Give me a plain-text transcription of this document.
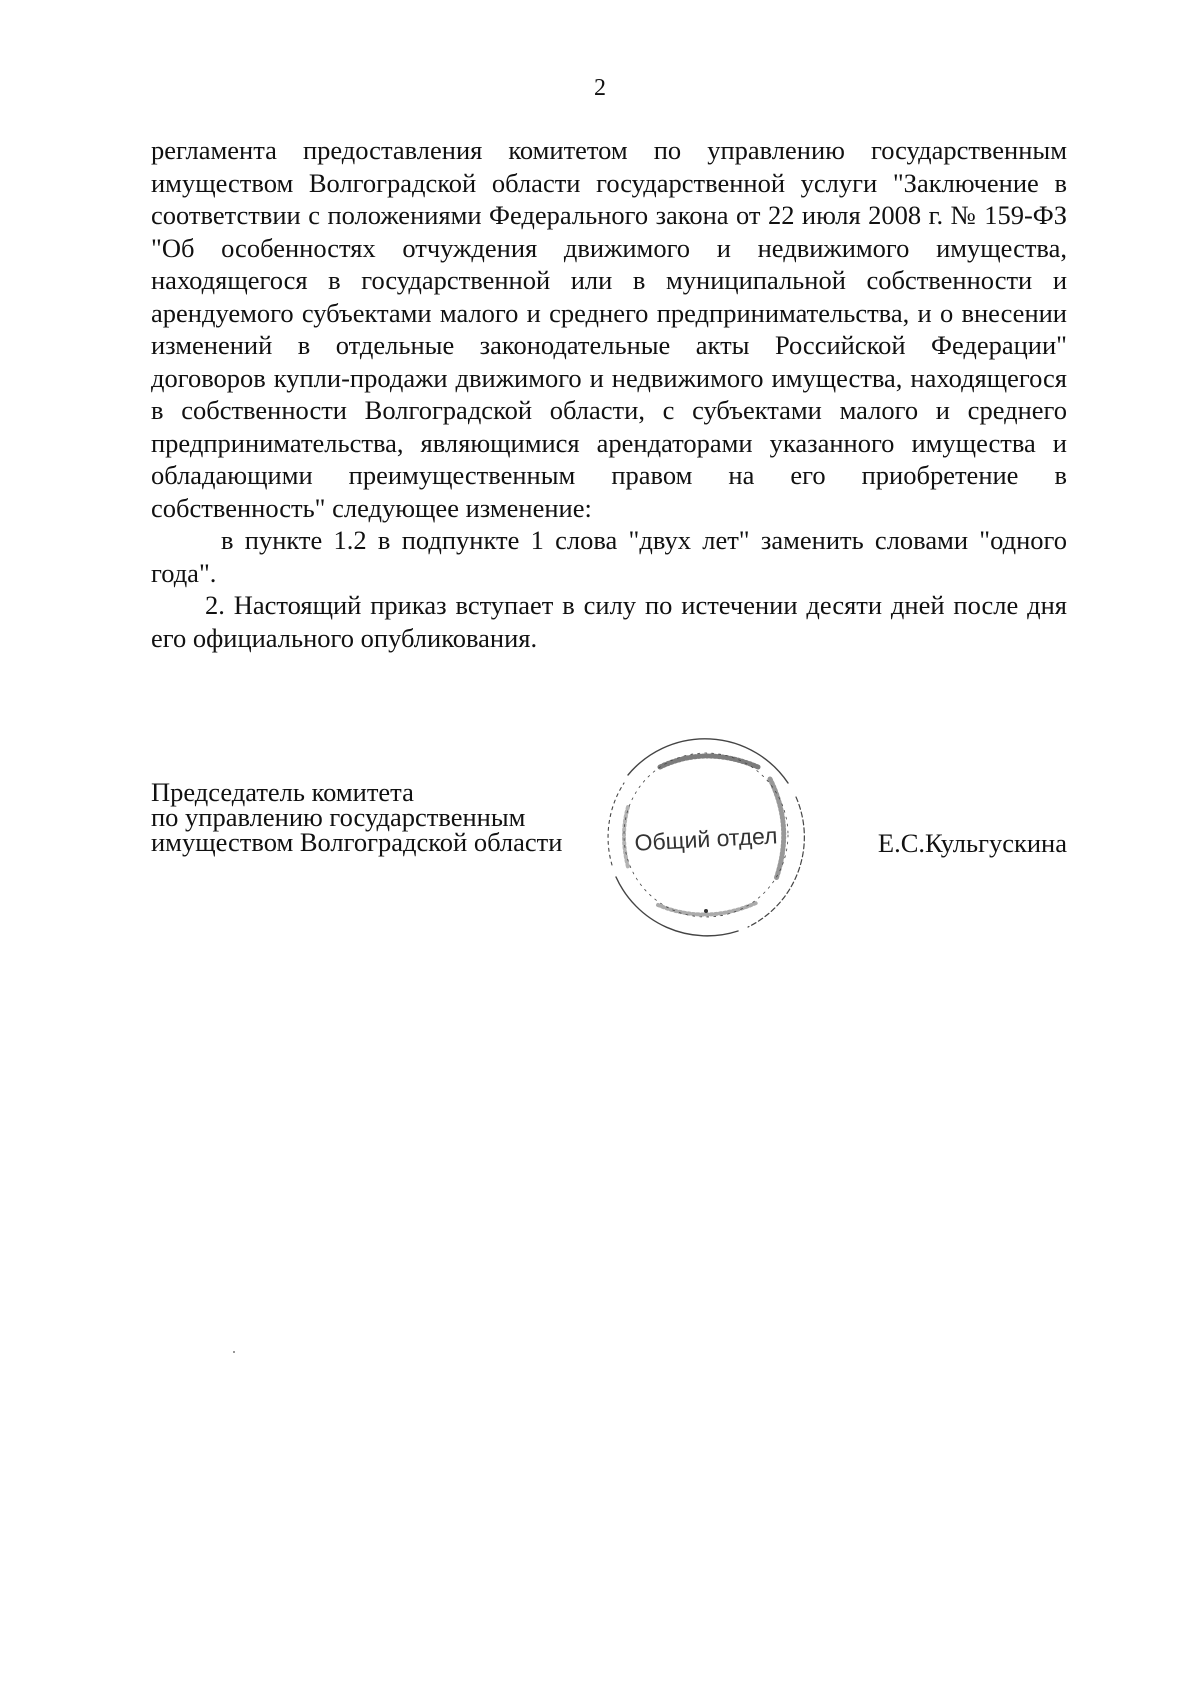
2

регламента предоставления комитетом по управлению государственным имуществом Волгоградской области государственной услуги "Заключение в соответствии с положениями Федерального закона от 22 июля 2008 г. № 159-ФЗ "Об особенностях отчуждения движимого и недвижимого имущества, находящегося в государственной или в муниципальной собственности и арендуемого субъектами малого и среднего предпринимательства, и о внесении изменений в отдельные законодательные акты Российской Федерации" договоров купли-продажи движимого и недвижимого имущества, находящегося в собственности Волгоградской области, с субъектами малого и среднего предпринимательства, являющимися арендаторами указанного имущества и обладающими преимущественным правом на его приобретение в собственность" следующее изменение:

в пункте 1.2 в подпункте 1 слова "двух лет" заменить словами "одного года".

2. Настоящий приказ вступает в силу по истечении десяти дней после дня его официального опубликования.

Председатель комитета
по управлению государственным
имуществом Волгоградской области	Общий отдел	Е.С.Кульгускина
